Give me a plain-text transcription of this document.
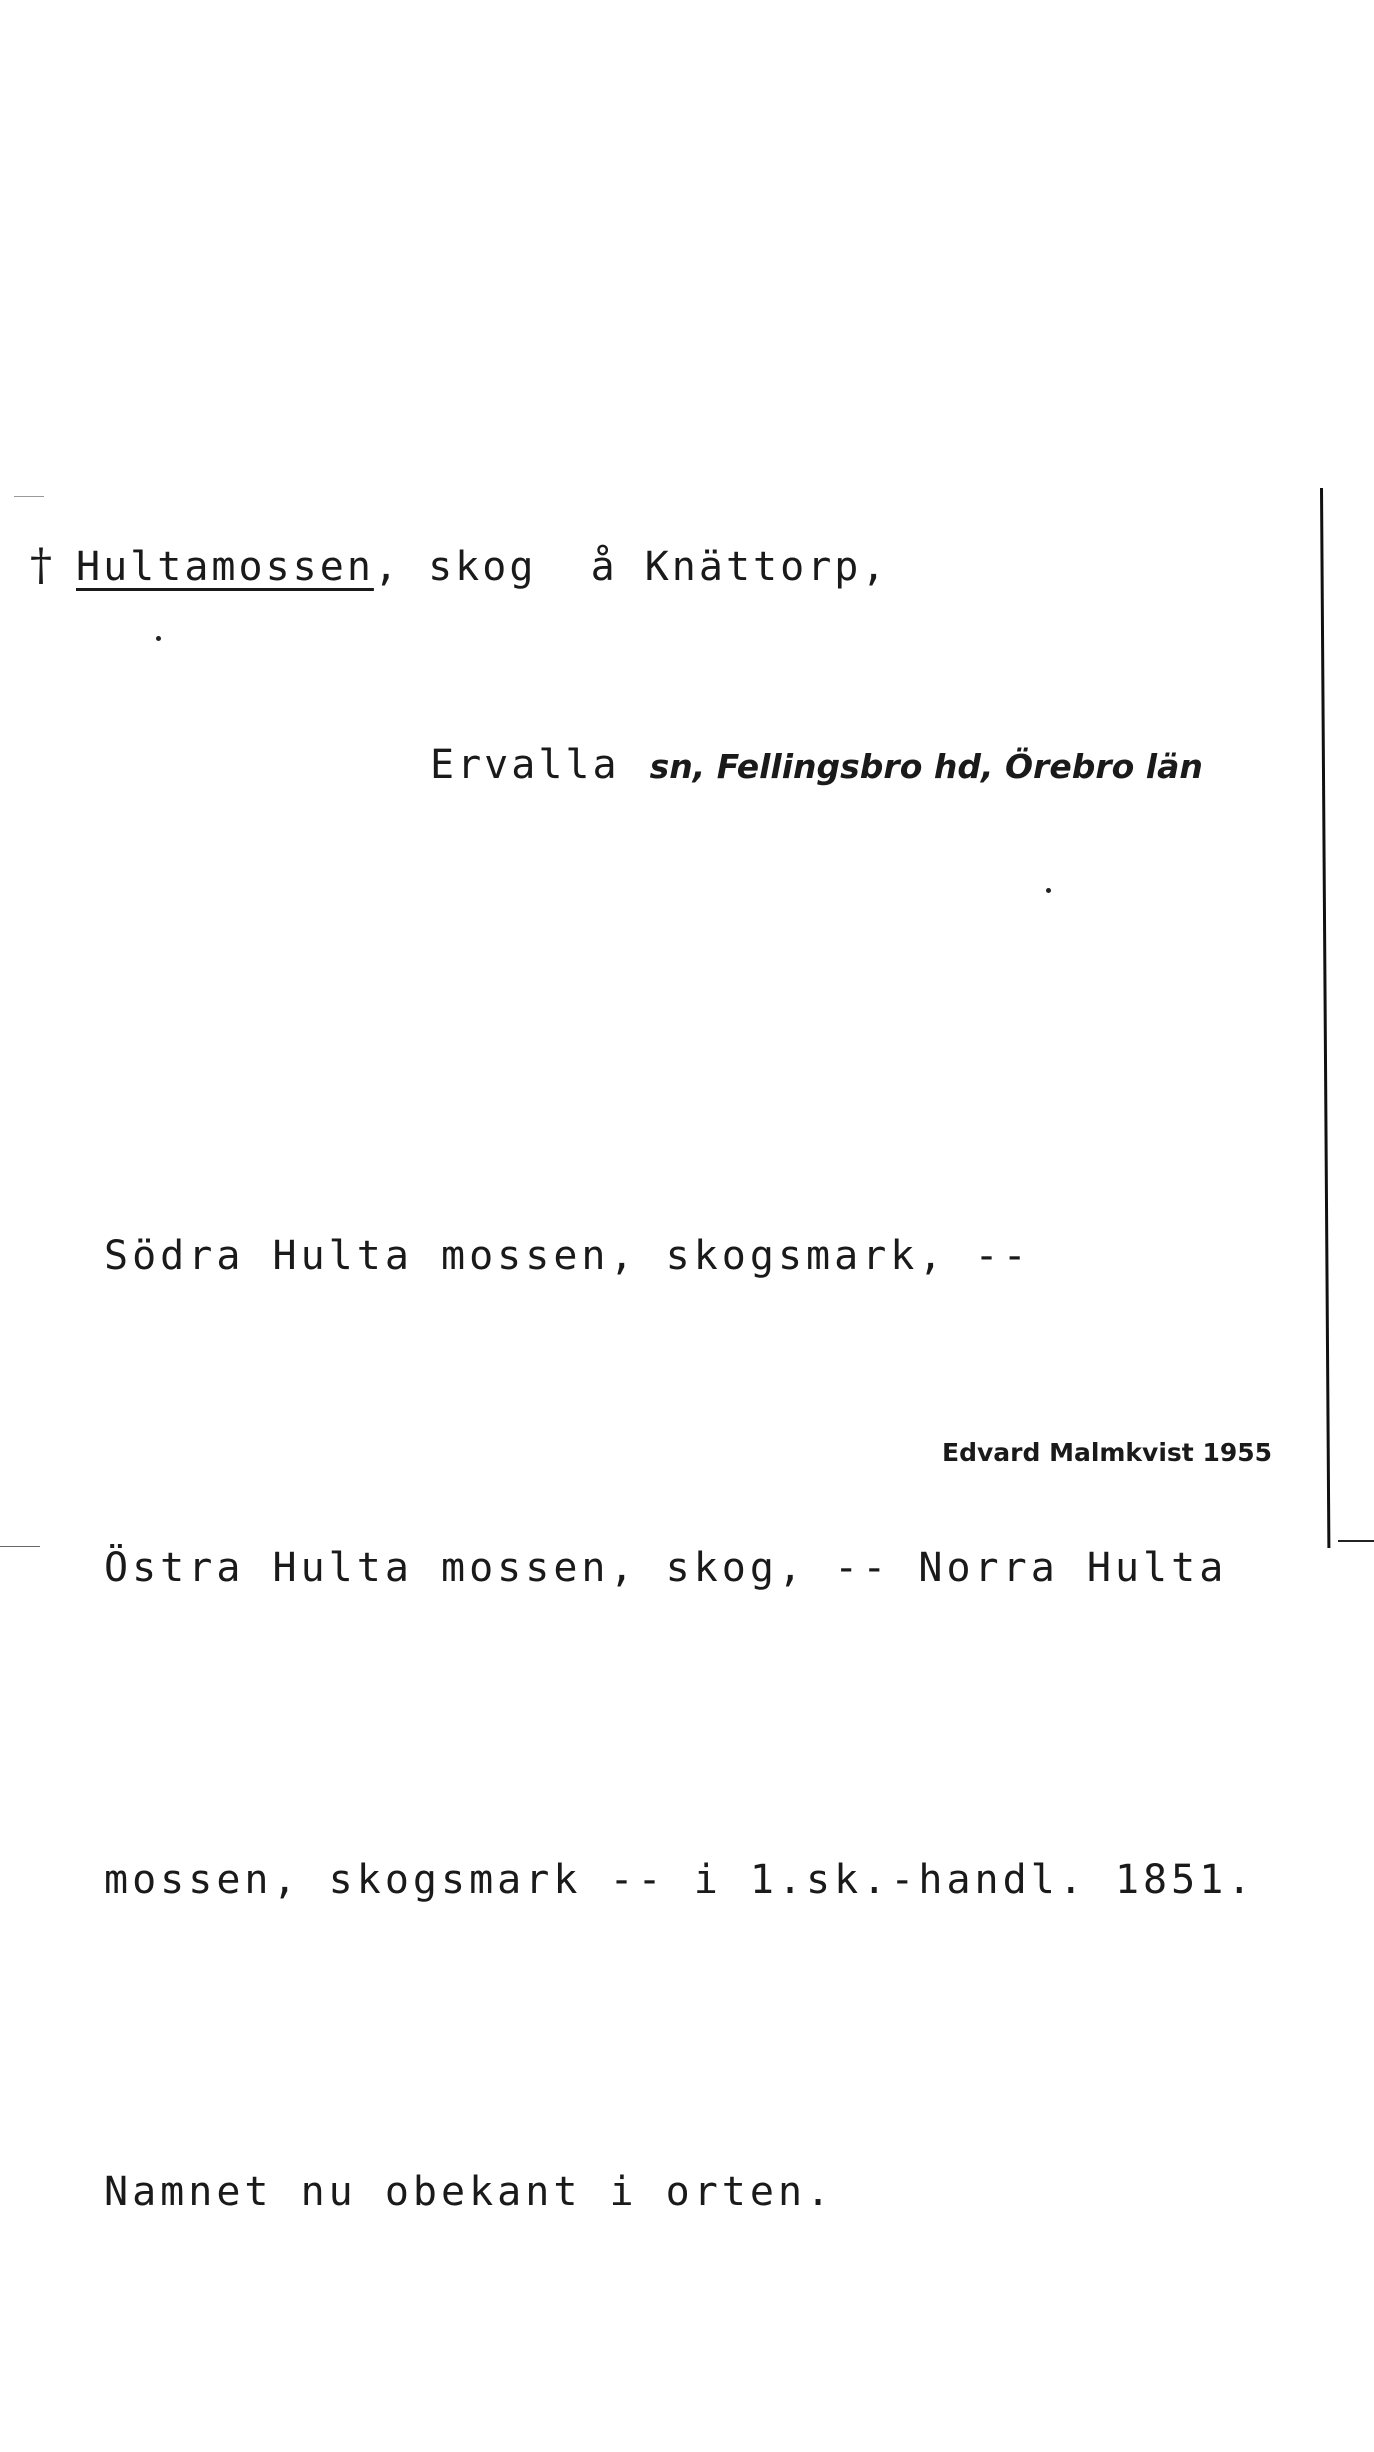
† Hultamossen, skog  å Knättorp,
Ervalla sn, Fellingsbro hd, Örebro län

Södra Hulta mossen, skogsmark, --

Östra Hulta mossen, skog, -- Norra Hulta

mossen, skogsmark -- i 1.sk.-handl. 1851.

Namnet nu obekant i orten.

Edvard Malmkvist 1955
